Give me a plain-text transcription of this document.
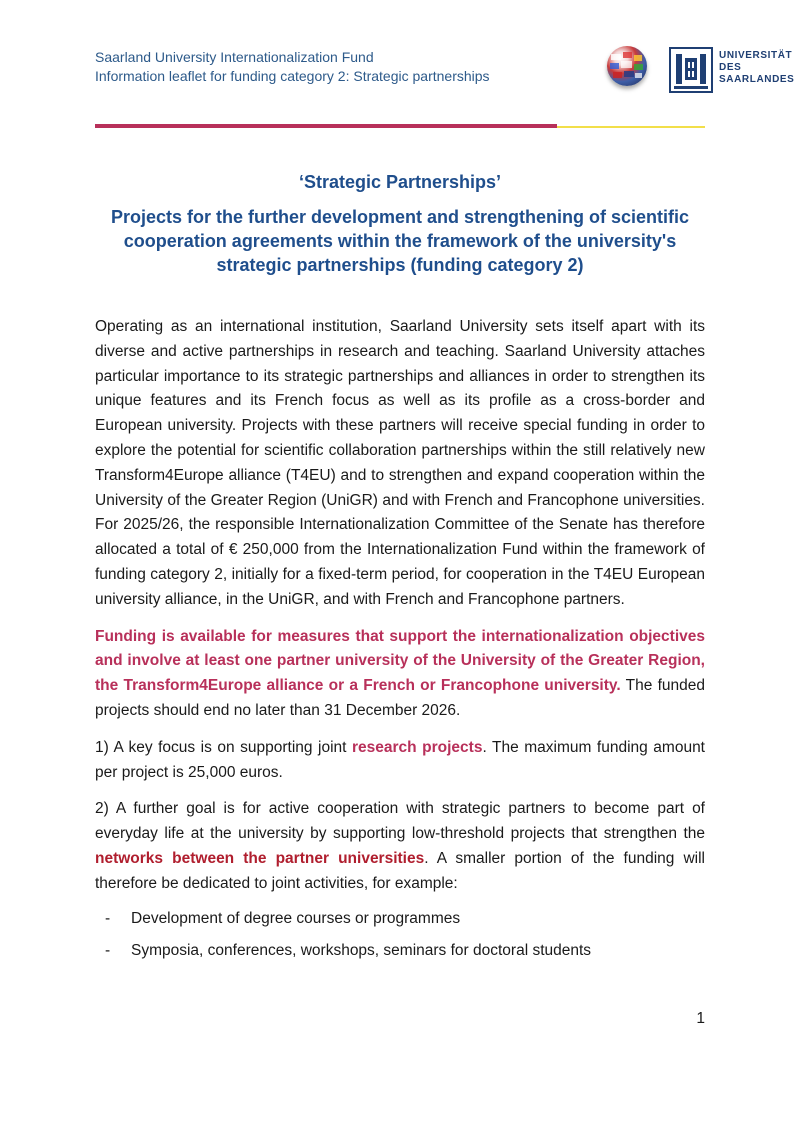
Saarland University Internationalization Fund
Information leaflet for funding category 2: Strategic partnerships
UNIVERSITÄT
DES
SAARLANDES
‘Strategic Partnerships’
Projects for the further development and strengthening of scientific cooperation agreements within the framework of the university's strategic partnerships (funding category 2)

Operating as an international institution, Saarland University sets itself apart with its diverse and active partnerships in research and teaching. Saarland University attaches particular importance to its strategic partnerships and alliances in order to strengthen its unique features and its French focus as well as its profile as a cross-border and European university. Projects with these partners will receive special funding in order to explore the potential for scientific collaboration partnerships within the still relatively new Transform4Europe alliance (T4EU) and to strengthen and expand cooperation within the University of the Greater Region (UniGR) and with French and Francophone universities. For 2025/26, the responsible Internationalization Committee of the Senate has therefore allocated a total of € 250,000 from the Internationalization Fund within the framework of funding category 2, initially for a fixed-term period, for cooperation in the T4EU European university alliance, in the UniGR, and with French and Francophone partners.

Funding is available for measures that support the internationalization objectives and involve at least one partner university of the University of the Greater Region, the Transform4Europe alliance or a French or Francophone university. The funded projects should end no later than 31 December 2026.

1) A key focus is on supporting joint research projects. The maximum funding amount per project is 25,000 euros.

2) A further goal is for active cooperation with strategic partners to become part of everyday life at the university by supporting low-threshold projects that strengthen the networks between the partner universities. A smaller portion of the funding will therefore be dedicated to joint activities, for example:

- Development of degree courses or programmes
- Symposia, conferences, workshops, seminars for doctoral students
1
